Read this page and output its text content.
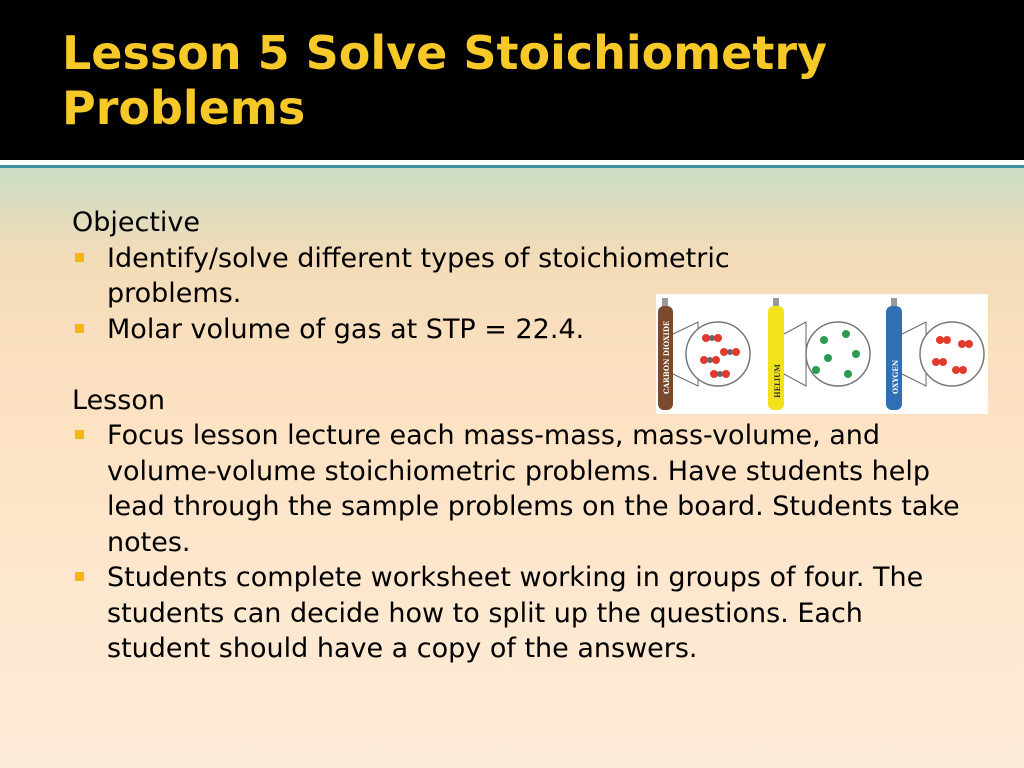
Lesson 5 Solve Stoichiometry Problems

Objective

Identify/solve different types of stoichiometric problems.
Molar volume of gas at STP = 22.4.

Lesson

Focus lesson lecture each mass-mass, mass-volume, and volume-volume stoichiometric problems. Have students help lead through the sample problems on the board. Students take notes.
Students complete worksheet working in groups of four. The students can decide how to split up the questions. Each student should have a copy of the answers.
CARBON DIOXIDE	HELIUM	OXYGEN
